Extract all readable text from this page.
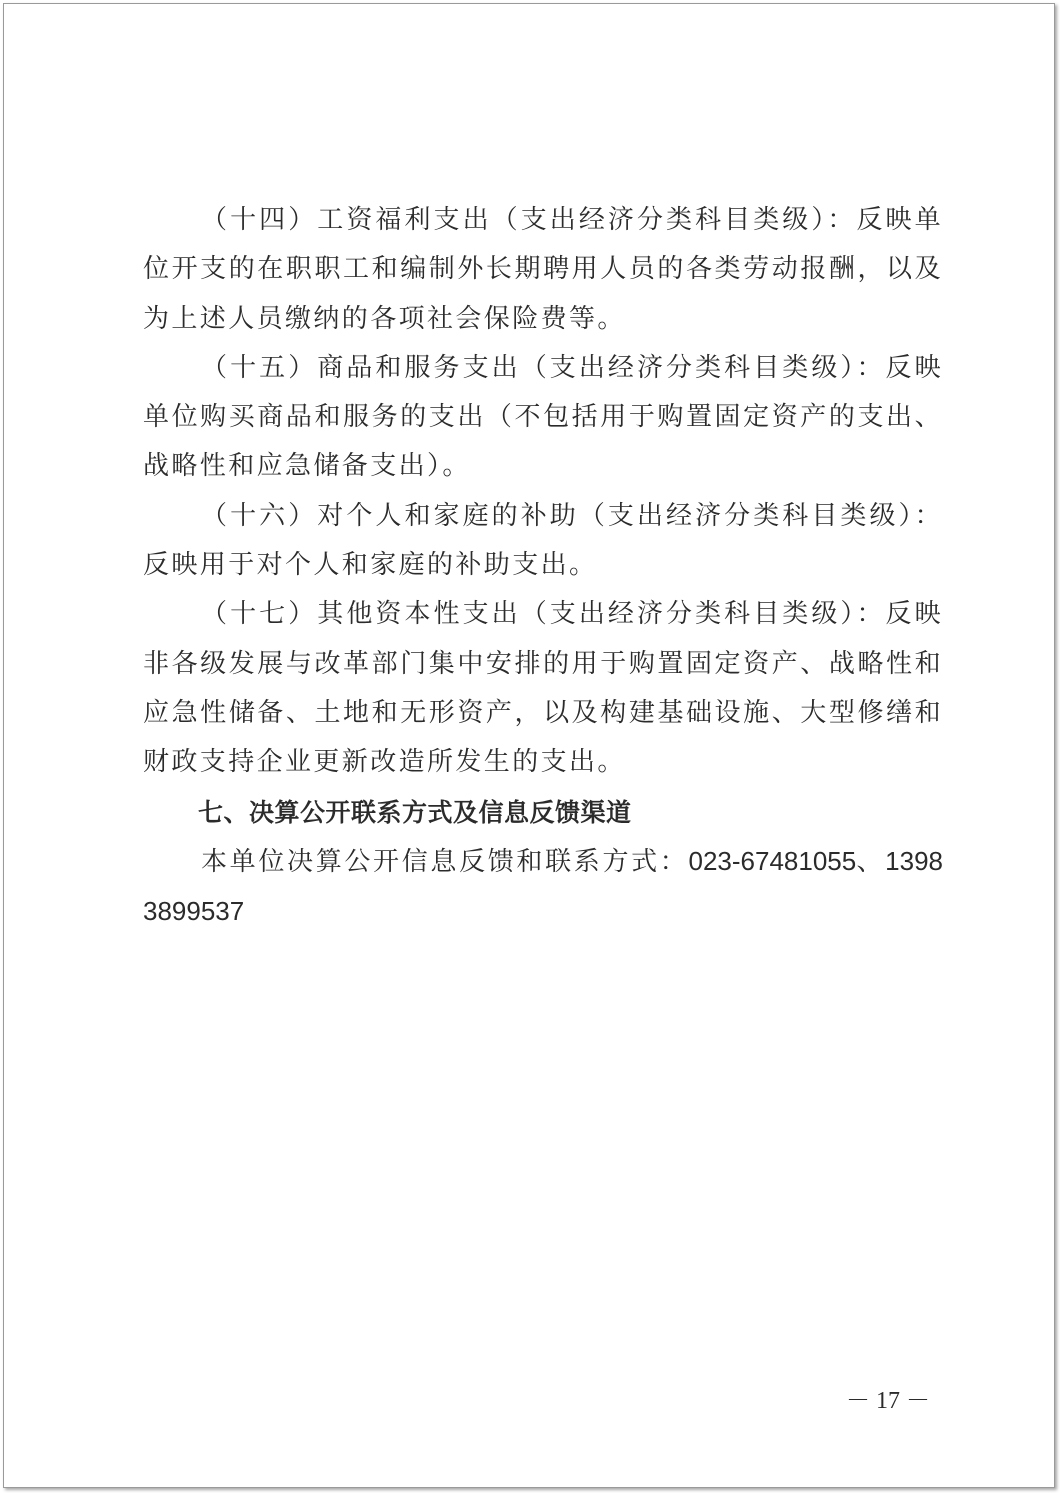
（十四）工资福利支出（支出经济分类科目类级）：反映单位开支的在职职工和编制外长期聘用人员的各类劳动报酬，以及为上述人员缴纳的各项社会保险费等。

（十五）商品和服务支出（支出经济分类科目类级）：反映单位购买商品和服务的支出（不包括用于购置固定资产的支出、战略性和应急储备支出）。

（十六）对个人和家庭的补助（支出经济分类科目类级）：反映用于对个人和家庭的补助支出。

（十七）其他资本性支出（支出经济分类科目类级）：反映非各级发展与改革部门集中安排的用于购置固定资产、战略性和应急性储备、土地和无形资产，以及构建基础设施、大型修缮和财政支持企业更新改造所发生的支出。

七、决算公开联系方式及信息反馈渠道

本单位决算公开信息反馈和联系方式：023-67481055、13983899537

－ 17 －
